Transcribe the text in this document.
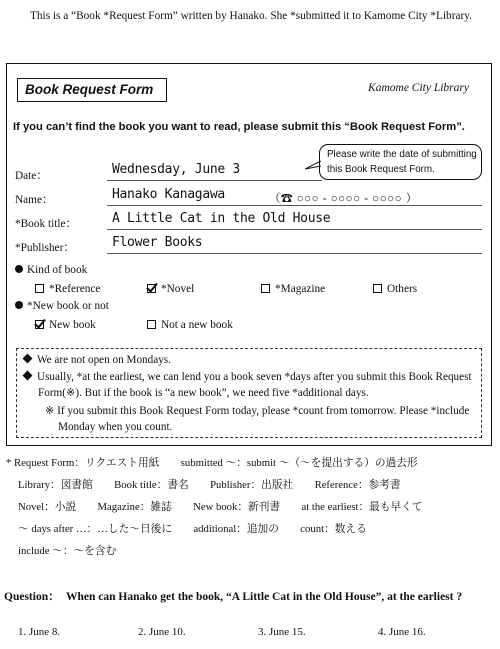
This is a “Book *Request Form” written by Hanako. She *submitted it to Kamome City *Library.
Book Request Form	Kamome City Library
If you can’t find the book you want to read, please submit this “Book Request Form”.
Date：	Wednesday, June 3
Please write the date of submitting this Book Request Form.
Name：	Hanako Kanagawa	（☎ ○○○ - ○○○○ - ○○○○ ）
*Book title：	A Little Cat in the Old House
*Publisher：	Flower Books
Kind of book
*Reference	*Novel	*Magazine	Others
*New book or not
New book	Not a new book
We are not open on Mondays.
Usually, *at the earliest, we can lend you a book seven *days after you submit this Book Request Form(※). But if the book is “a new book”, we need five *additional days.
※ If you submit this Book Request Form today, please *count from tomorrow. Please *include Monday when you count.
* Request Form：リクエスト用紙　　submitted ～：submit ～（～を提出する）の過去形
Library：図書館　　Book title：書名　　Publisher：出版社　　Reference：参考書
Novel：小説　　Magazine：雑誌　　New book：新刊書　　at the earliest：最も早くて
～ days after …：…した～日後に　　additional：追加の　　count：数える
include ～：～を含む
Question： When can Hanako get the book, “A Little Cat in the Old House”, at the earliest ?
1. June 8.	2. June 10.	3. June 15.	4. June 16.
